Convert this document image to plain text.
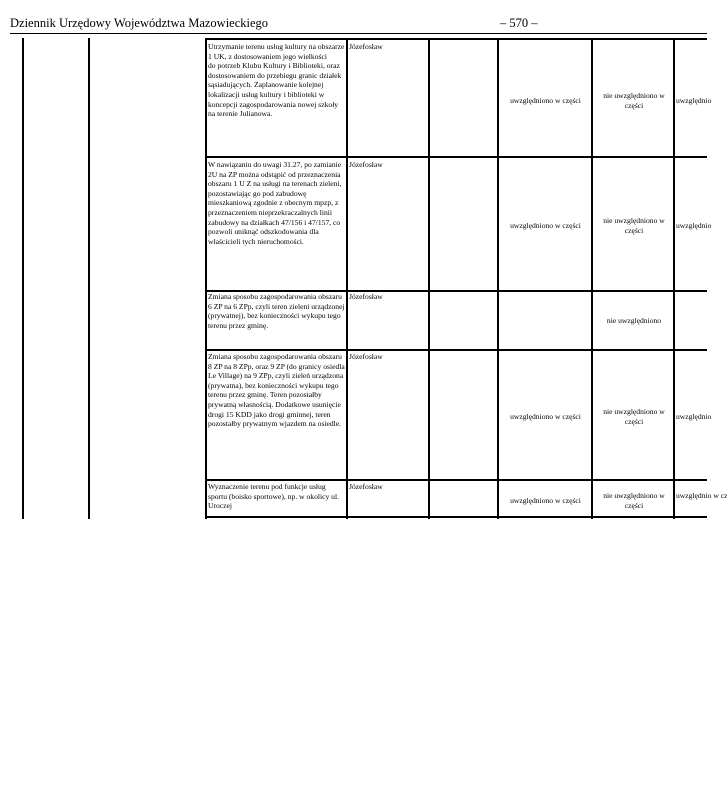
Dziennik Urzędowy Województwa Mazowieckiego	– 570 –
Utrzymanie terenu usług kultury na obszarze 1 UK, z dostosowaniem jego wielkości
do potrzeb Klubu Kultury i Biblioteki, oraz dostosowaniem do przebiegu granic działek sąsiadujących. Zaplanowanie kolejnej lokalizacji usług kultury i biblioteki w koncepcji zagospodarowania nowej szkoły na terenie Julianowa.
Józefosław
uwzględniono w części
nie uwzględniono w części
uwzględnio
W nawiązaniu do uwagi 31.27, po zamianie 2U na ZP można odstąpić od przeznaczenia
obszaru 1 U Z na usługi na terenach zieleni, pozostawiając go pod zabudowę mieszkaniową zgodnie z obecnym mpzp, z przeznaczeniem nieprzekraczalnych linii zabudowy na działkach 47/156 i 47/157, co pozwoli uniknąć odszkodowania dla właścicieli tych nieruchomości.
Józefosław
uwzględniono w części
nie uwzględniono w części
uwzględnio
Zmiana sposobu zagospodarowania obszaru 6 ZP na 6 ZPp, czyli teren zieleni urządzonej (prywatnej), bez konieczności wykupu tego terenu przez gminę.
Józefosław
nie uwzględniono
Zmiana sposobu zagospodarowania obszaru 8 ZP na 8 ZPp, oraz 9 ZP (do granicy osiedla
Le Village) na 9 ZPp, czyli zieleń urządzona (prywatna), bez konieczności wykupu tego terenu przez gminę. Teren pozostałby prywatną własnością. Dodatkowe usunięcie drogi 15 KDD jako drogi gminnej, teren pozostałby prywatnym wjazdem na osiedle.
Józefosław
uwzględniono w części
nie uwzględniono w części
uwzględnio
Wyznaczenie terenu pod funkcje usług sportu (boisko sportowe), np. w okolicy ul. Uroczej
Józefosław
uwzględniono w części
nie uwzględniono w części
uwzględnio w cz
